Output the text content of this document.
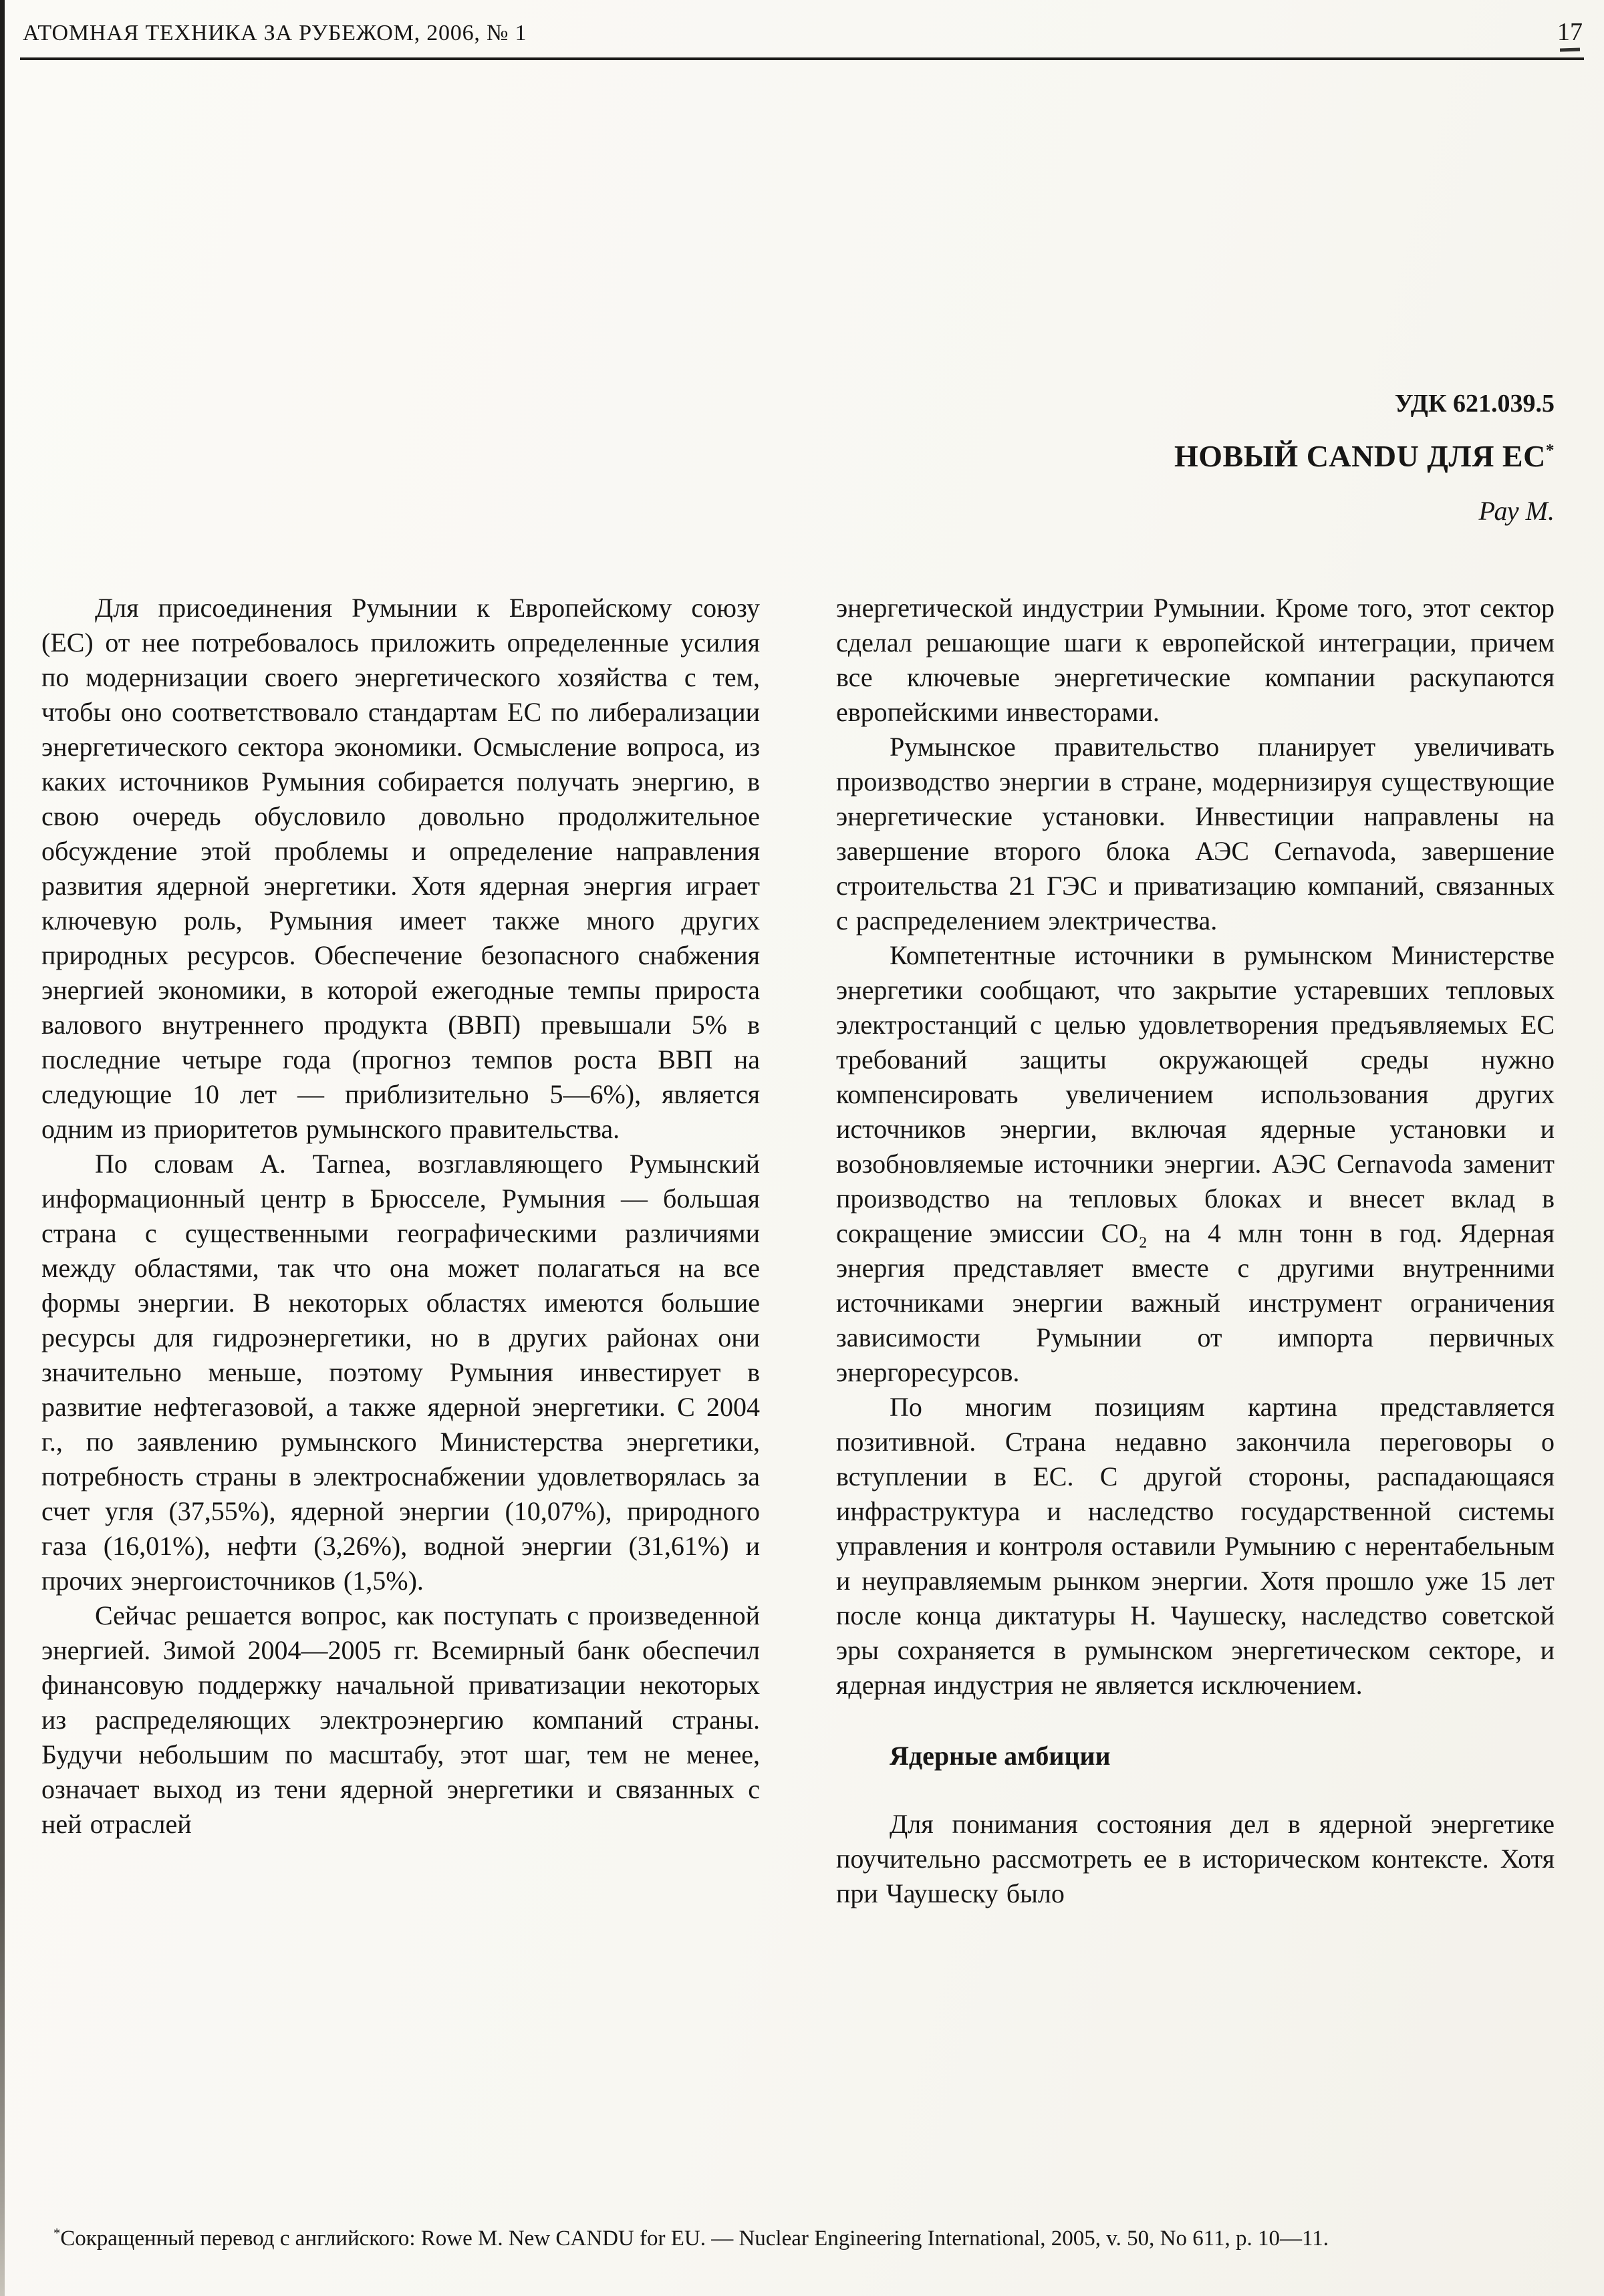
АТОМНАЯ ТЕХНИКА ЗА РУБЕЖОМ, 2006, № 1	17
УДК 621.039.5
НОВЫЙ CANDU ДЛЯ ЕС*
Рау М.

Для присоединения Румынии к Европейскому союзу (ЕС) от нее потребовалось приложить определенные усилия по модернизации своего энергетического хозяйства с тем, чтобы оно соответствовало стандартам ЕС по либерализации энергетического сектора экономики. Осмысление вопроса, из каких источников Румыния собирается получать энергию, в свою очередь обусловило довольно продолжительное обсуждение этой проблемы и определение направления развития ядерной энергетики. Хотя ядерная энергия играет ключевую роль, Румыния имеет также много других природных ресурсов. Обеспечение безопасного снабжения энергией экономики, в которой ежегодные темпы прироста валового внутреннего продукта (ВВП) превышали 5% в последние четыре года (прогноз темпов роста ВВП на следующие 10 лет — приблизительно 5—6%), является одним из приоритетов румынского правительства.

По словам А. Tarnea, возглавляющего Румынский информационный центр в Брюсселе, Румыния — большая страна с существенными географическими различиями между областями, так что она может полагаться на все формы энергии. В некоторых областях имеются большие ресурсы для гидроэнергетики, но в других районах они значительно меньше, поэтому Румыния инвестирует в развитие нефтегазовой, а также ядерной энергетики. С 2004 г., по заявлению румынского Министерства энергетики, потребность страны в электроснабжении удовлетворялась за счет угля (37,55%), ядерной энергии (10,07%), природного газа (16,01%), нефти (3,26%), водной энергии (31,61%) и прочих энергоисточников (1,5%).

Сейчас решается вопрос, как поступать с произведенной энергией. Зимой 2004—2005 гг. Всемирный банк обеспечил финансовую поддержку начальной приватизации некоторых из распределяющих электроэнергию компаний страны. Будучи небольшим по масштабу, этот шаг, тем не менее, означает выход из тени ядерной энергетики и связанных с ней отраслей

энергетической индустрии Румынии. Кроме того, этот сектор сделал решающие шаги к европейской интеграции, причем все ключевые энергетические компании раскупаются европейскими инвесторами.

Румынское правительство планирует увеличивать производство энергии в стране, модернизируя существующие энергетические установки. Инвестиции направлены на завершение второго блока АЭС Cernavoda, завершение строительства 21 ГЭС и приватизацию компаний, связанных с распределением электричества.

Компетентные источники в румынском Министерстве энергетики сообщают, что закрытие устаревших тепловых электростанций с целью удовлетворения предъявляемых ЕС требований защиты окружающей среды нужно компенсировать увеличением использования других источников энергии, включая ядерные установки и возобновляемые источники энергии. АЭС Cernavoda заменит производство на тепловых блоках и внесет вклад в сокращение эмиссии CO₂ на 4 млн тонн в год. Ядерная энергия представляет вместе с другими внутренними источниками энергии важный инструмент ограничения зависимости Румынии от импорта первичных энергоресурсов.

По многим позициям картина представляется позитивной. Страна недавно закончила переговоры о вступлении в ЕС. С другой стороны, распадающаяся инфраструктура и наследство государственной системы управления и контроля оставили Румынию с нерентабельным и неуправляемым рынком энергии. Хотя прошло уже 15 лет после конца диктатуры Н. Чаушеску, наследство советской эры сохраняется в румынском энергетическом секторе, и ядерная индустрия не является исключением.

Ядерные амбиции

Для понимания состояния дел в ядерной энергетике поучительно рассмотреть ее в историческом контексте. Хотя при Чаушеску было

*Сокращенный перевод с английского: Rowe M. New CANDU for EU. — Nuclear Engineering International, 2005, v. 50, No 611, p. 10—11.
